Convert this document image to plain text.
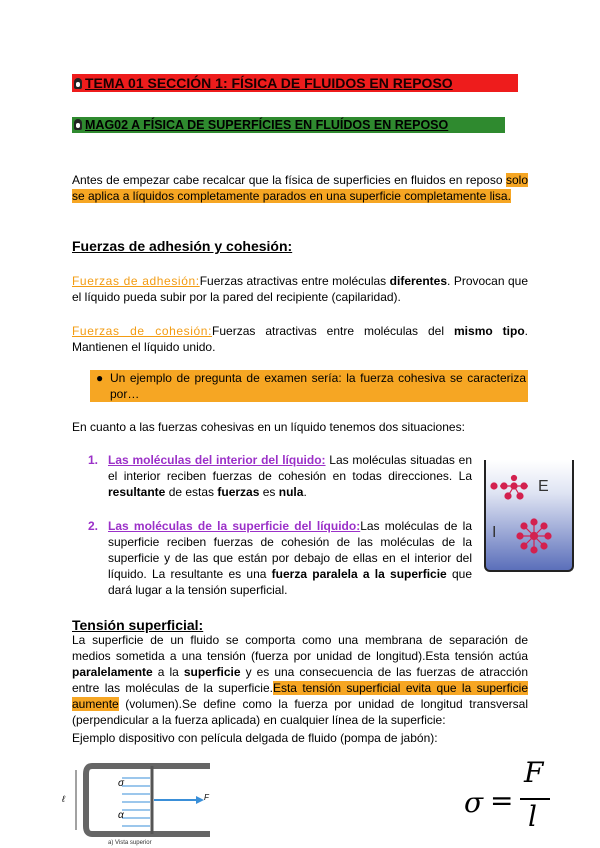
TEMA 01 SECCIÓN 1: FÍSICA DE FLUIDOS EN REPOSO
MAG02 A FÍSICA DE SUPERFÍCIES EN FLUÍDOS EN REPOSO
Antes de empezar cabe recalcar que la física de superficies en fluidos en reposo solo se aplica a líquidos completamente parados en una superficie completamente lisa.
Fuerzas de adhesión y cohesión:
Fuerzas de adhesión:Fuerzas atractivas entre moléculas diferentes. Provocan que el líquido pueda subir por la pared del recipiente (capilaridad).
Fuerzas de cohesión:Fuerzas atractivas entre moléculas del mismo tipo. Mantienen el líquido unido.
● Un ejemplo de pregunta de examen sería: la fuerza cohesiva se caracteriza por…
En cuanto a las fuerzas cohesivas en un líquido tenemos dos situaciones:
1. Las moléculas del interior del líquido: Las moléculas situadas en el interior reciben fuerzas de cohesión en todas direcciones. La resultante de estas fuerzas es nula.
2. Las moléculas de la superficie del líquido:Las moléculas de la superficie reciben fuerzas de cohesión de las moléculas de la superficie y de las que están por debajo de ellas en el interior del líquido. La resultante es una fuerza paralela a la superficie que dará lugar a la tensión superficial.
E
I
Tensión superficial:
La superficie de un fluido se comporta como una membrana de separación de medios sometida a una tensión (fuerza por unidad de longitud).Esta tensión actúa paralelamente a la superficie y es una consecuencia de las fuerzas de atracción entre las moléculas de la superficie.Esta tensión superficial evita que la superficie aumente (volumen).Se define como la fuerza por unidad de longitud transversal (perpendicular a la fuerza aplicada) en cualquier línea de la superficie:
Ejemplo dispositivo con película delgada de fluido (pompa de jabón):
σ
α
ℓ	F
a) Vista superior
σ =
F
l
